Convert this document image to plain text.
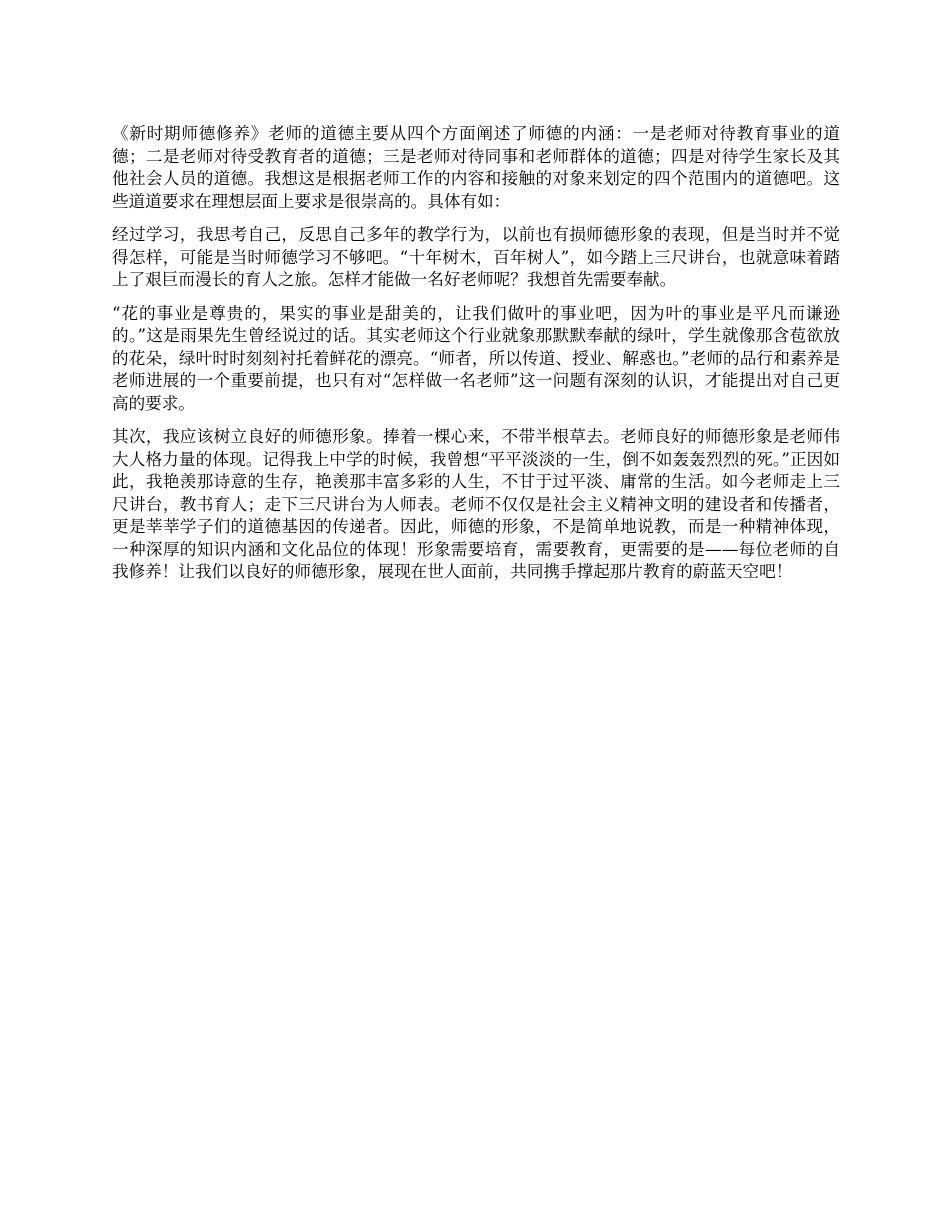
《新时期师德修养》老师的道德主要从四个方面阐述了师德的内涵：一是老师对待教育事业的道德；二是老师对待受教育者的道德；三是老师对待同事和老师群体的道德；四是对待学生家长及其他社会人员的道德。我想这是根据老师工作的内容和接触的对象来划定的四个范围内的道德吧。这些道道要求在理想层面上要求是很崇高的。具体有如：

经过学习，我思考自己，反思自己多年的教学行为，以前也有损师德形象的表现，但是当时并不觉得怎样，可能是当时师德学习不够吧。“十年树木，百年树人”，如今踏上三尺讲台，也就意味着踏上了艰巨而漫长的育人之旅。怎样才能做一名好老师呢？我想首先需要奉献。

“花的事业是尊贵的，果实的事业是甜美的，让我们做叶的事业吧，因为叶的事业是平凡而谦逊的。”这是雨果先生曾经说过的话。其实老师这个行业就象那默默奉献的绿叶，学生就像那含苞欲放的花朵，绿叶时时刻刻衬托着鲜花的漂亮。“师者，所以传道、授业、解惑也。”老师的品行和素养是老师进展的一个重要前提，也只有对“怎样做一名老师”这一问题有深刻的认识，才能提出对自己更高的要求。

其次，我应该树立良好的师德形象。捧着一棵心来，不带半根草去。老师良好的师德形象是老师伟大人格力量的体现。记得我上中学的时候，我曾想“平平淡淡的一生，倒不如轰轰烈烈的死。”正因如此，我艳羡那诗意的生存，艳羡那丰富多彩的人生，不甘于过平淡、庸常的生活。如今老师走上三尺讲台，教书育人；走下三尺讲台为人师表。老师不仅仅是社会主义精神文明的建设者和传播者，更是莘莘学子们的道德基因的传递者。因此，师德的形象，不是简单地说教，而是一种精神体现，一种深厚的知识内涵和文化品位的体现！形象需要培育，需要教育，更需要的是——每位老师的自我修养！让我们以良好的师德形象，展现在世人面前，共同携手撑起那片教育的蔚蓝天空吧！
